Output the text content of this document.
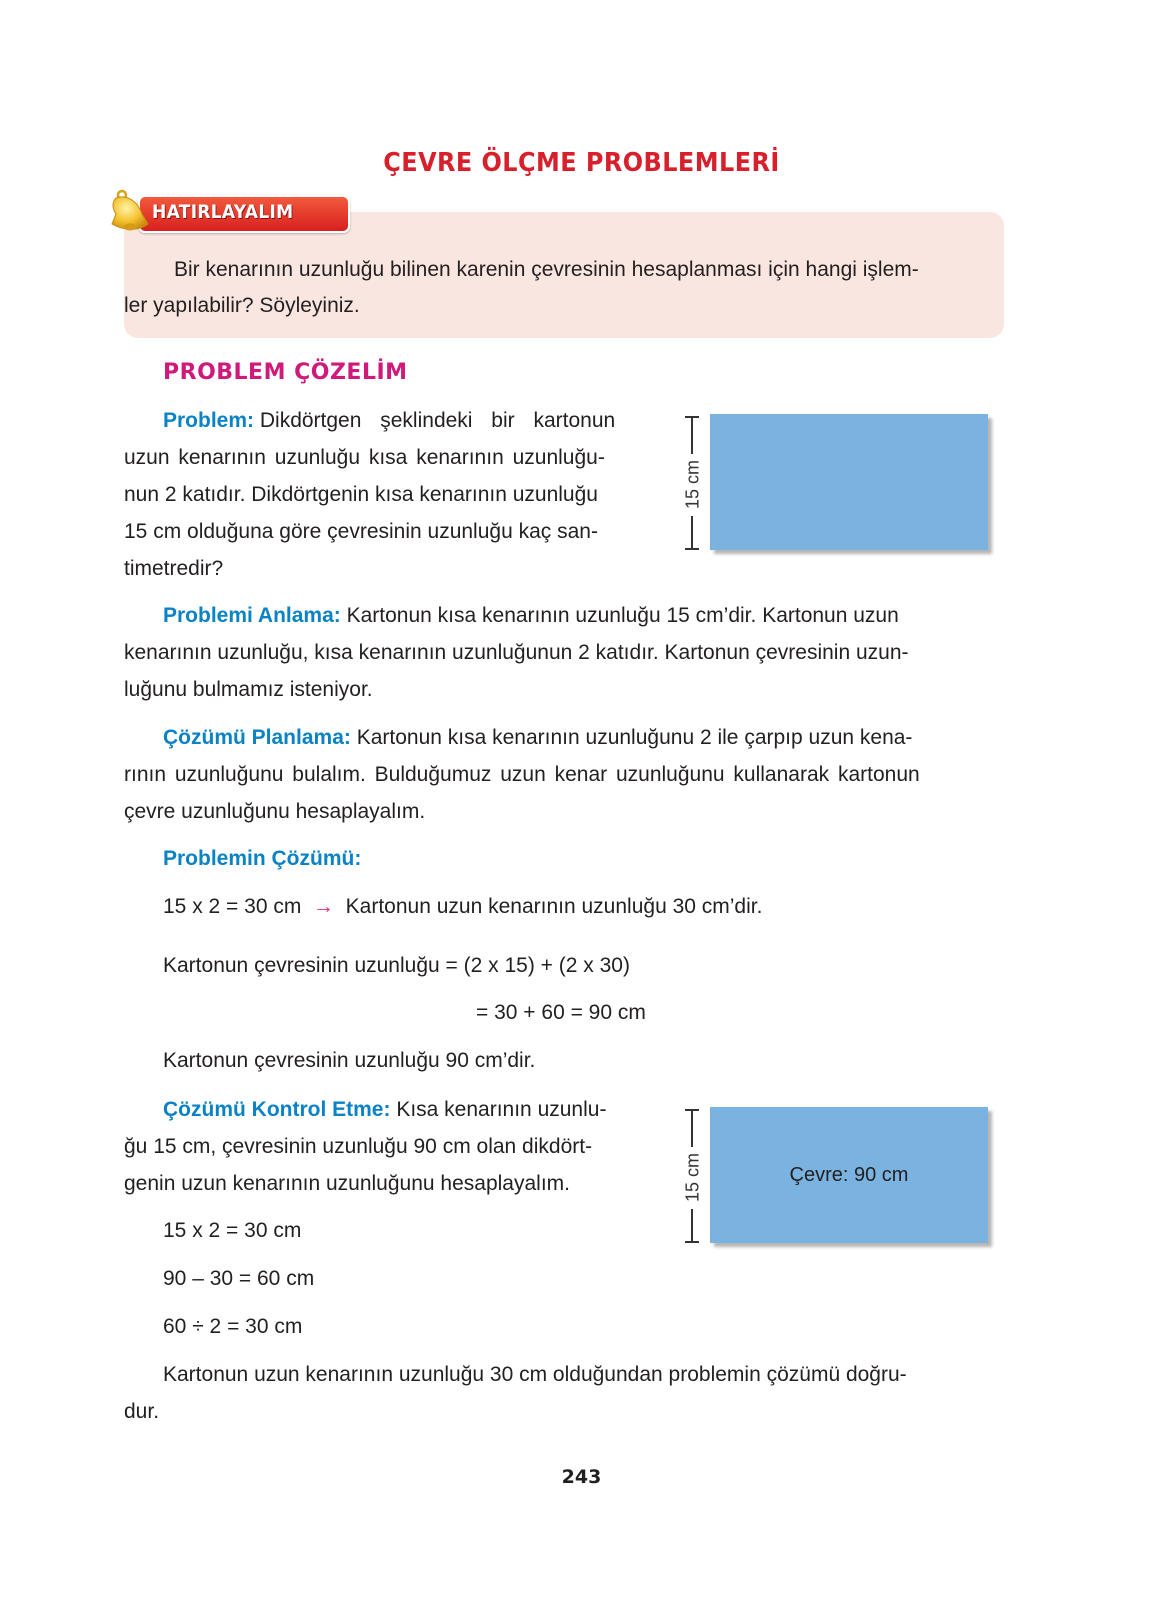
ÇEVRE ÖLÇME PROBLEMLERİ
HATIRLAYALIM
Bir kenarının uzunluğu bilinen karenin çevresinin hesaplanması için hangi işlem-
ler yapılabilir? Söyleyiniz.
PROBLEM ÇÖZELİM
Problem: Dikdörtgen şeklindeki bir kartonun
uzun kenarının uzunluğu kısa kenarının uzunluğu-
nun 2 katıdır. Dikdörtgenin kısa kenarının uzunluğu
15 cm olduğuna göre çevresinin uzunluğu kaç san-
timetredir?
15 cm
Problemi Anlama: Kartonun kısa kenarının uzunluğu 15 cm’dir. Kartonun uzun
kenarının uzunluğu, kısa kenarının uzunluğunun 2 katıdır. Kartonun çevresinin uzun-
luğunu bulmamız isteniyor.
Çözümü Planlama: Kartonun kısa kenarının uzunluğunu 2 ile çarpıp uzun kena-
rının uzunluğunu bulalım. Bulduğumuz uzun kenar uzunluğunu kullanarak kartonun
çevre uzunluğunu hesaplayalım.
Problemin Çözümü:
15 x 2 = 30 cm → Kartonun uzun kenarının uzunluğu 30 cm’dir.
Kartonun çevresinin uzunluğu = (2 x 15) + (2 x 30)
= 30 + 60 = 90 cm
Kartonun çevresinin uzunluğu 90 cm’dir.
Çözümü Kontrol Etme: Kısa kenarının uzunlu-
ğu 15 cm, çevresinin uzunluğu 90 cm olan dikdört-
genin uzun kenarının uzunluğunu hesaplayalım.
15 x 2 = 30 cm
90 – 30 = 60 cm
60 ÷ 2 = 30 cm
15 cm	Çevre: 90 cm
Kartonun uzun kenarının uzunluğu 30 cm olduğundan problemin çözümü doğru-
dur.
243
